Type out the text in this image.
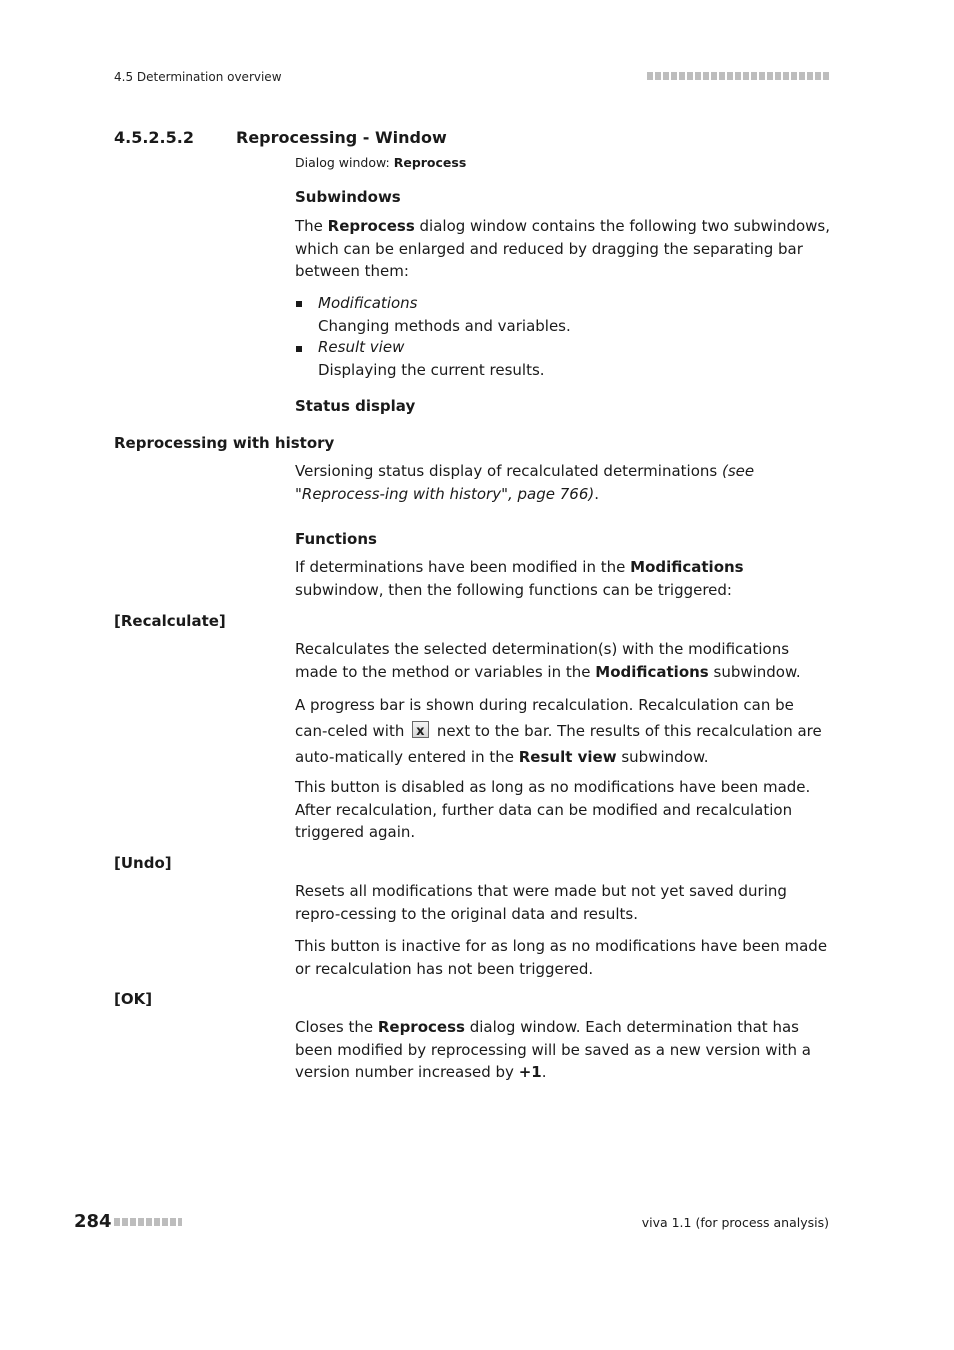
4.5 Determination overview
4.5.2.5.2	Reprocessing - Window
Dialog window: Reprocess
Subwindows
The Reprocess dialog window contains the following two subwindows, which can be enlarged and reduced by dragging the separating bar between them:
Modifications
Changing methods and variables.
Result view
Displaying the current results.
Status display
Reprocessing with history
Versioning status display of recalculated determinations (see "Reprocess-ing with history", page 766).
Functions
If determinations have been modified in the Modifications subwindow, then the following functions can be triggered:
[Recalculate]
Recalculates the selected determination(s) with the modifications made to the method or variables in the Modifications subwindow.
A progress bar is shown during recalculation. Recalculation can be can-celed with x next to the bar. The results of this recalculation are auto-matically entered in the Result view subwindow.
This button is disabled as long as no modifications have been made. After recalculation, further data can be modified and recalculation triggered again.
[Undo]
Resets all modifications that were made but not yet saved during repro-cessing to the original data and results.
This button is inactive for as long as no modifications have been made or recalculation has not been triggered.
[OK]
Closes the Reprocess dialog window. Each determination that has been modified by reprocessing will be saved as a new version with a version number increased by +1.
284	viva 1.1 (for process analysis)
